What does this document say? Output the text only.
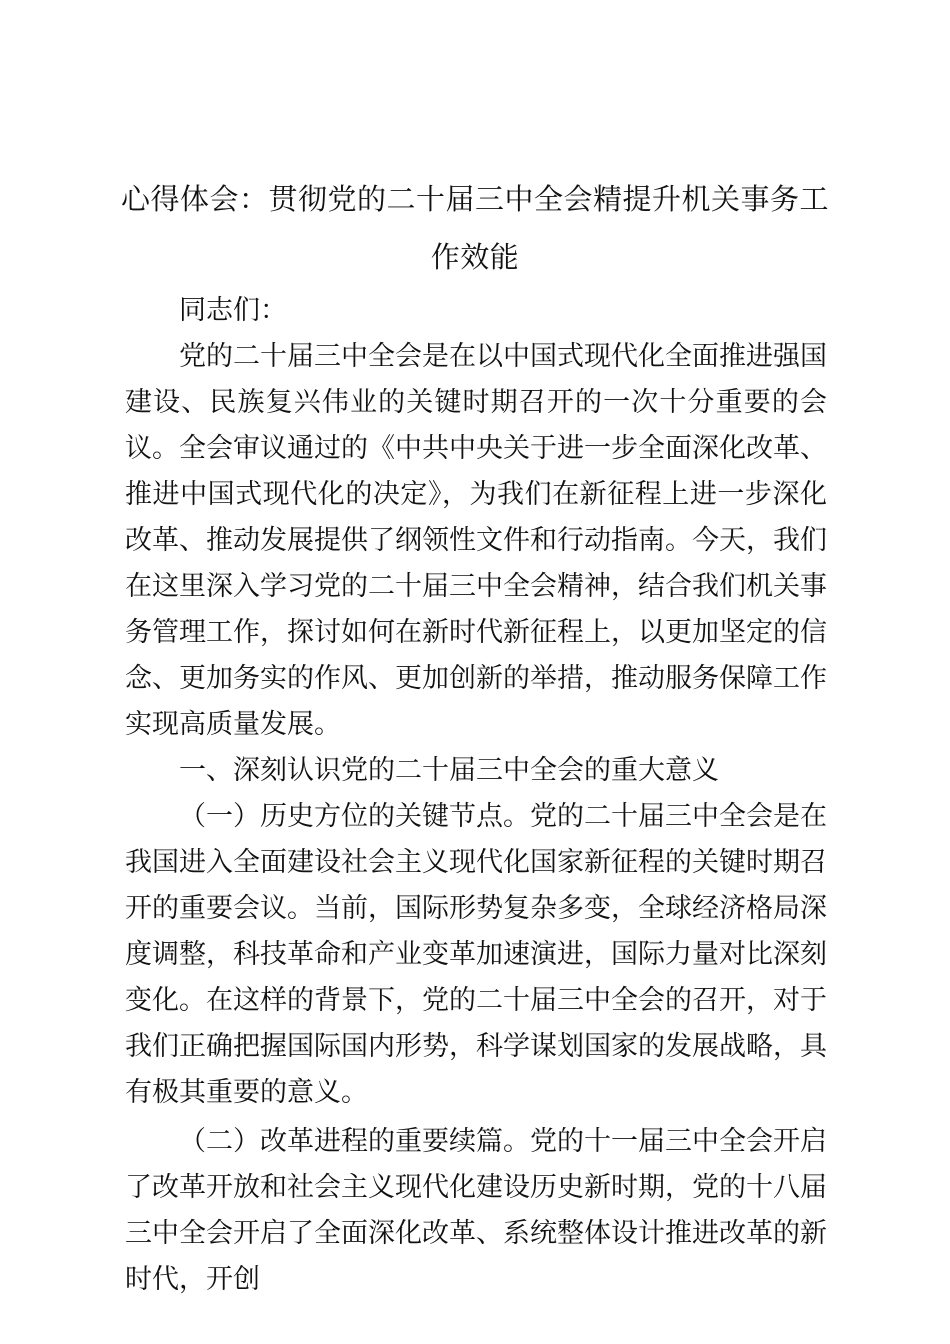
心得体会：贯彻党的二十届三中全会精提升机关事务工作效能

同志们：

党的二十届三中全会是在以中国式现代化全面推进强国建设、民族复兴伟业的关键时期召开的一次十分重要的会议。全会审议通过的《中共中央关于进一步全面深化改革、推进中国式现代化的决定》，为我们在新征程上进一步深化改革、推动发展提供了纲领性文件和行动指南。今天，我们在这里深入学习党的二十届三中全会精神，结合我们机关事务管理工作，探讨如何在新时代新征程上，以更加坚定的信念、更加务实的作风、更加创新的举措，推动服务保障工作实现高质量发展。

一、深刻认识党的二十届三中全会的重大意义

（一）历史方位的关键节点。党的二十届三中全会是在我国进入全面建设社会主义现代化国家新征程的关键时期召开的重要会议。当前，国际形势复杂多变，全球经济格局深度调整，科技革命和产业变革加速演进，国际力量对比深刻变化。在这样的背景下，党的二十届三中全会的召开，对于我们正确把握国际国内形势，科学谋划国家的发展战略，具有极其重要的意义。

（二）改革进程的重要续篇。党的十一届三中全会开启了改革开放和社会主义现代化建设历史新时期，党的十八届三中全会开启了全面深化改革、系统整体设计推进改革的新时代，开创
